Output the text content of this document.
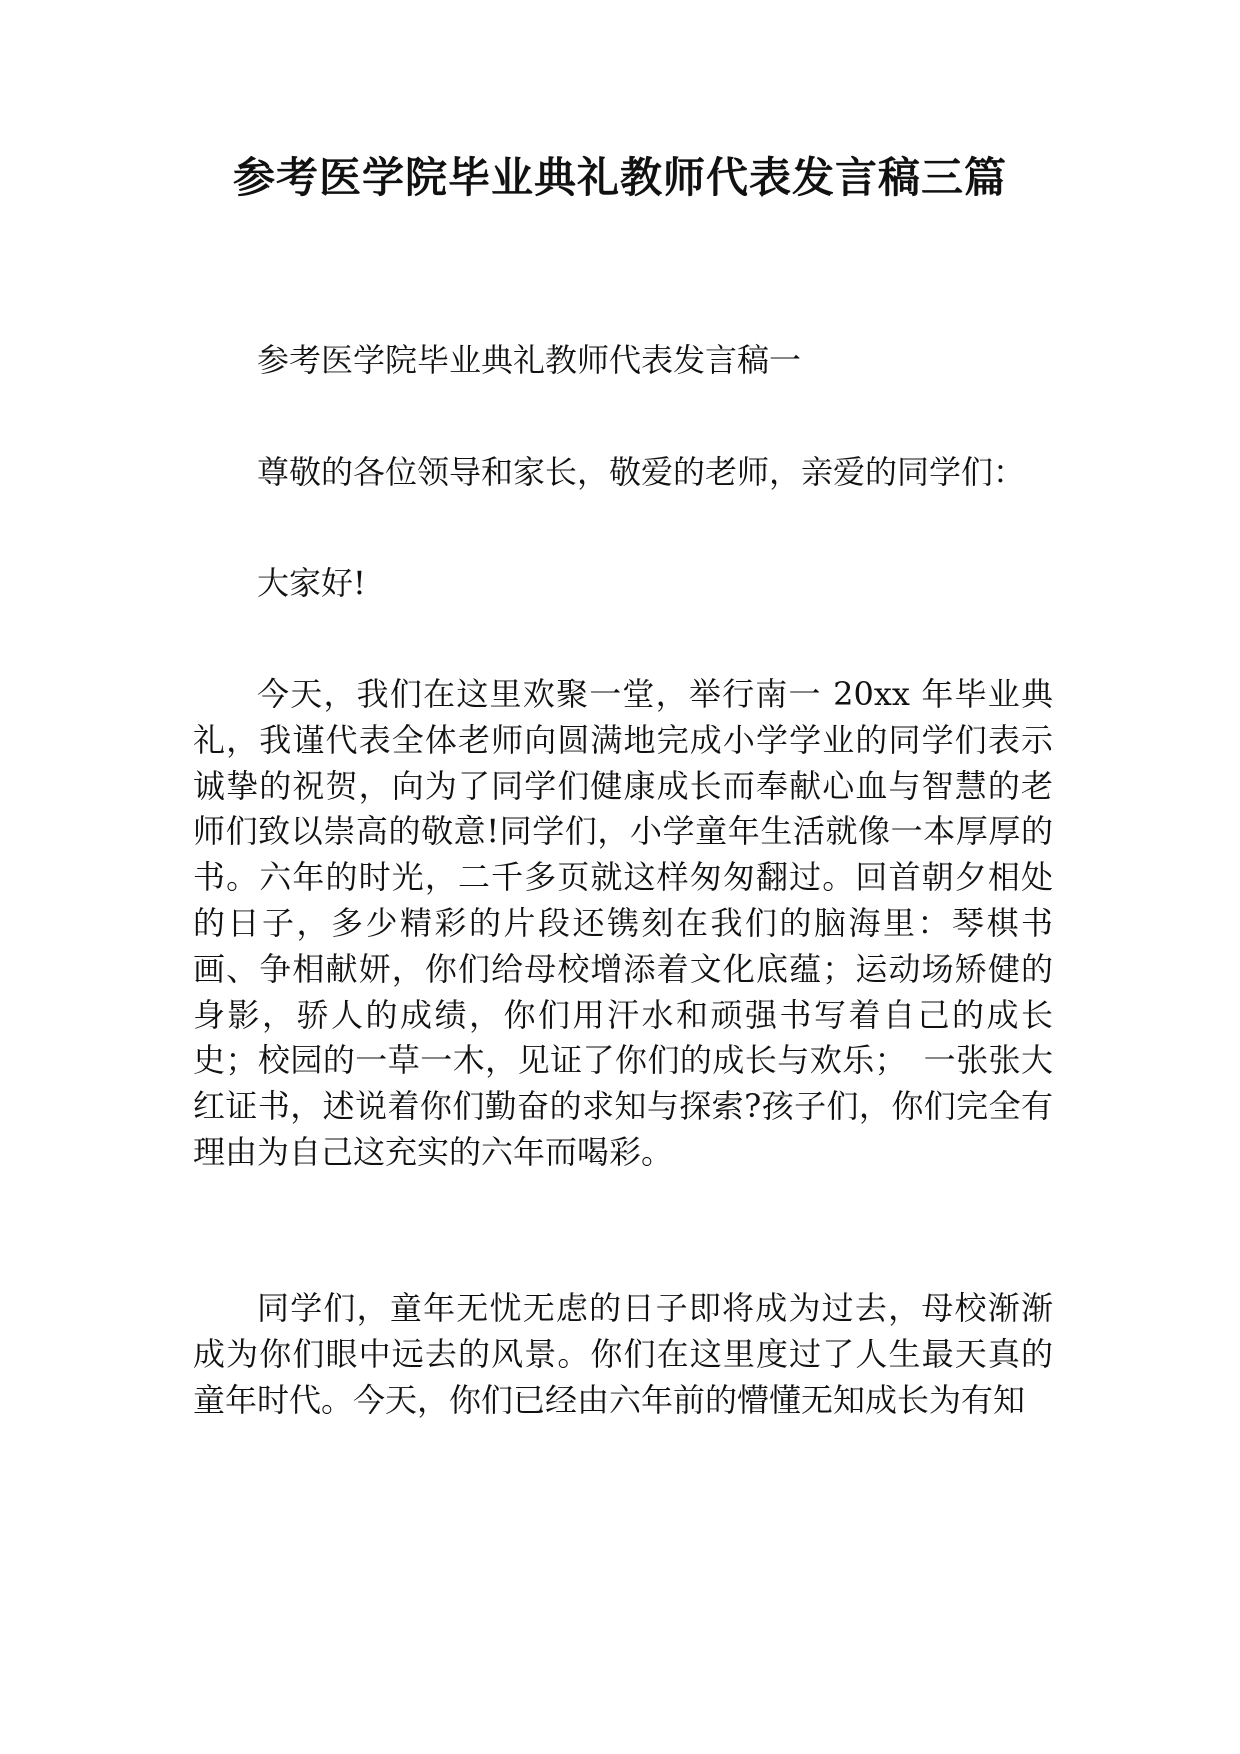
参考医学院毕业典礼教师代表发言稿三篇

参考医学院毕业典礼教师代表发言稿一

尊敬的各位领导和家长，敬爱的老师，亲爱的同学们：

大家好!

今天，我们在这里欢聚一堂，举行南一 20xx 年毕业典礼，我谨代表全体老师向圆满地完成小学学业的同学们表示诚挚的祝贺，向为了同学们健康成长而奉献心血与智慧的老师们致以崇高的敬意!同学们，小学童年生活就像一本厚厚的书。六年的时光，二千多页就这样匆匆翻过。回首朝夕相处的日子，多少精彩的片段还镌刻在我们的脑海里：琴棋书画、争相献妍，你们给母校增添着文化底蕴；运动场矫健的身影，骄人的成绩，你们用汗水和顽强书写着自己的成长史；校园的一草一木，见证了你们的成长与欢乐；　一张张大红证书，述说着你们勤奋的求知与探索?孩子们，你们完全有理由为自己这充实的六年而喝彩。

同学们，童年无忧无虑的日子即将成为过去，母校渐渐成为你们眼中远去的风景。你们在这里度过了人生最天真的童年时代。今天，你们已经由六年前的懵懂无知成长为有知
